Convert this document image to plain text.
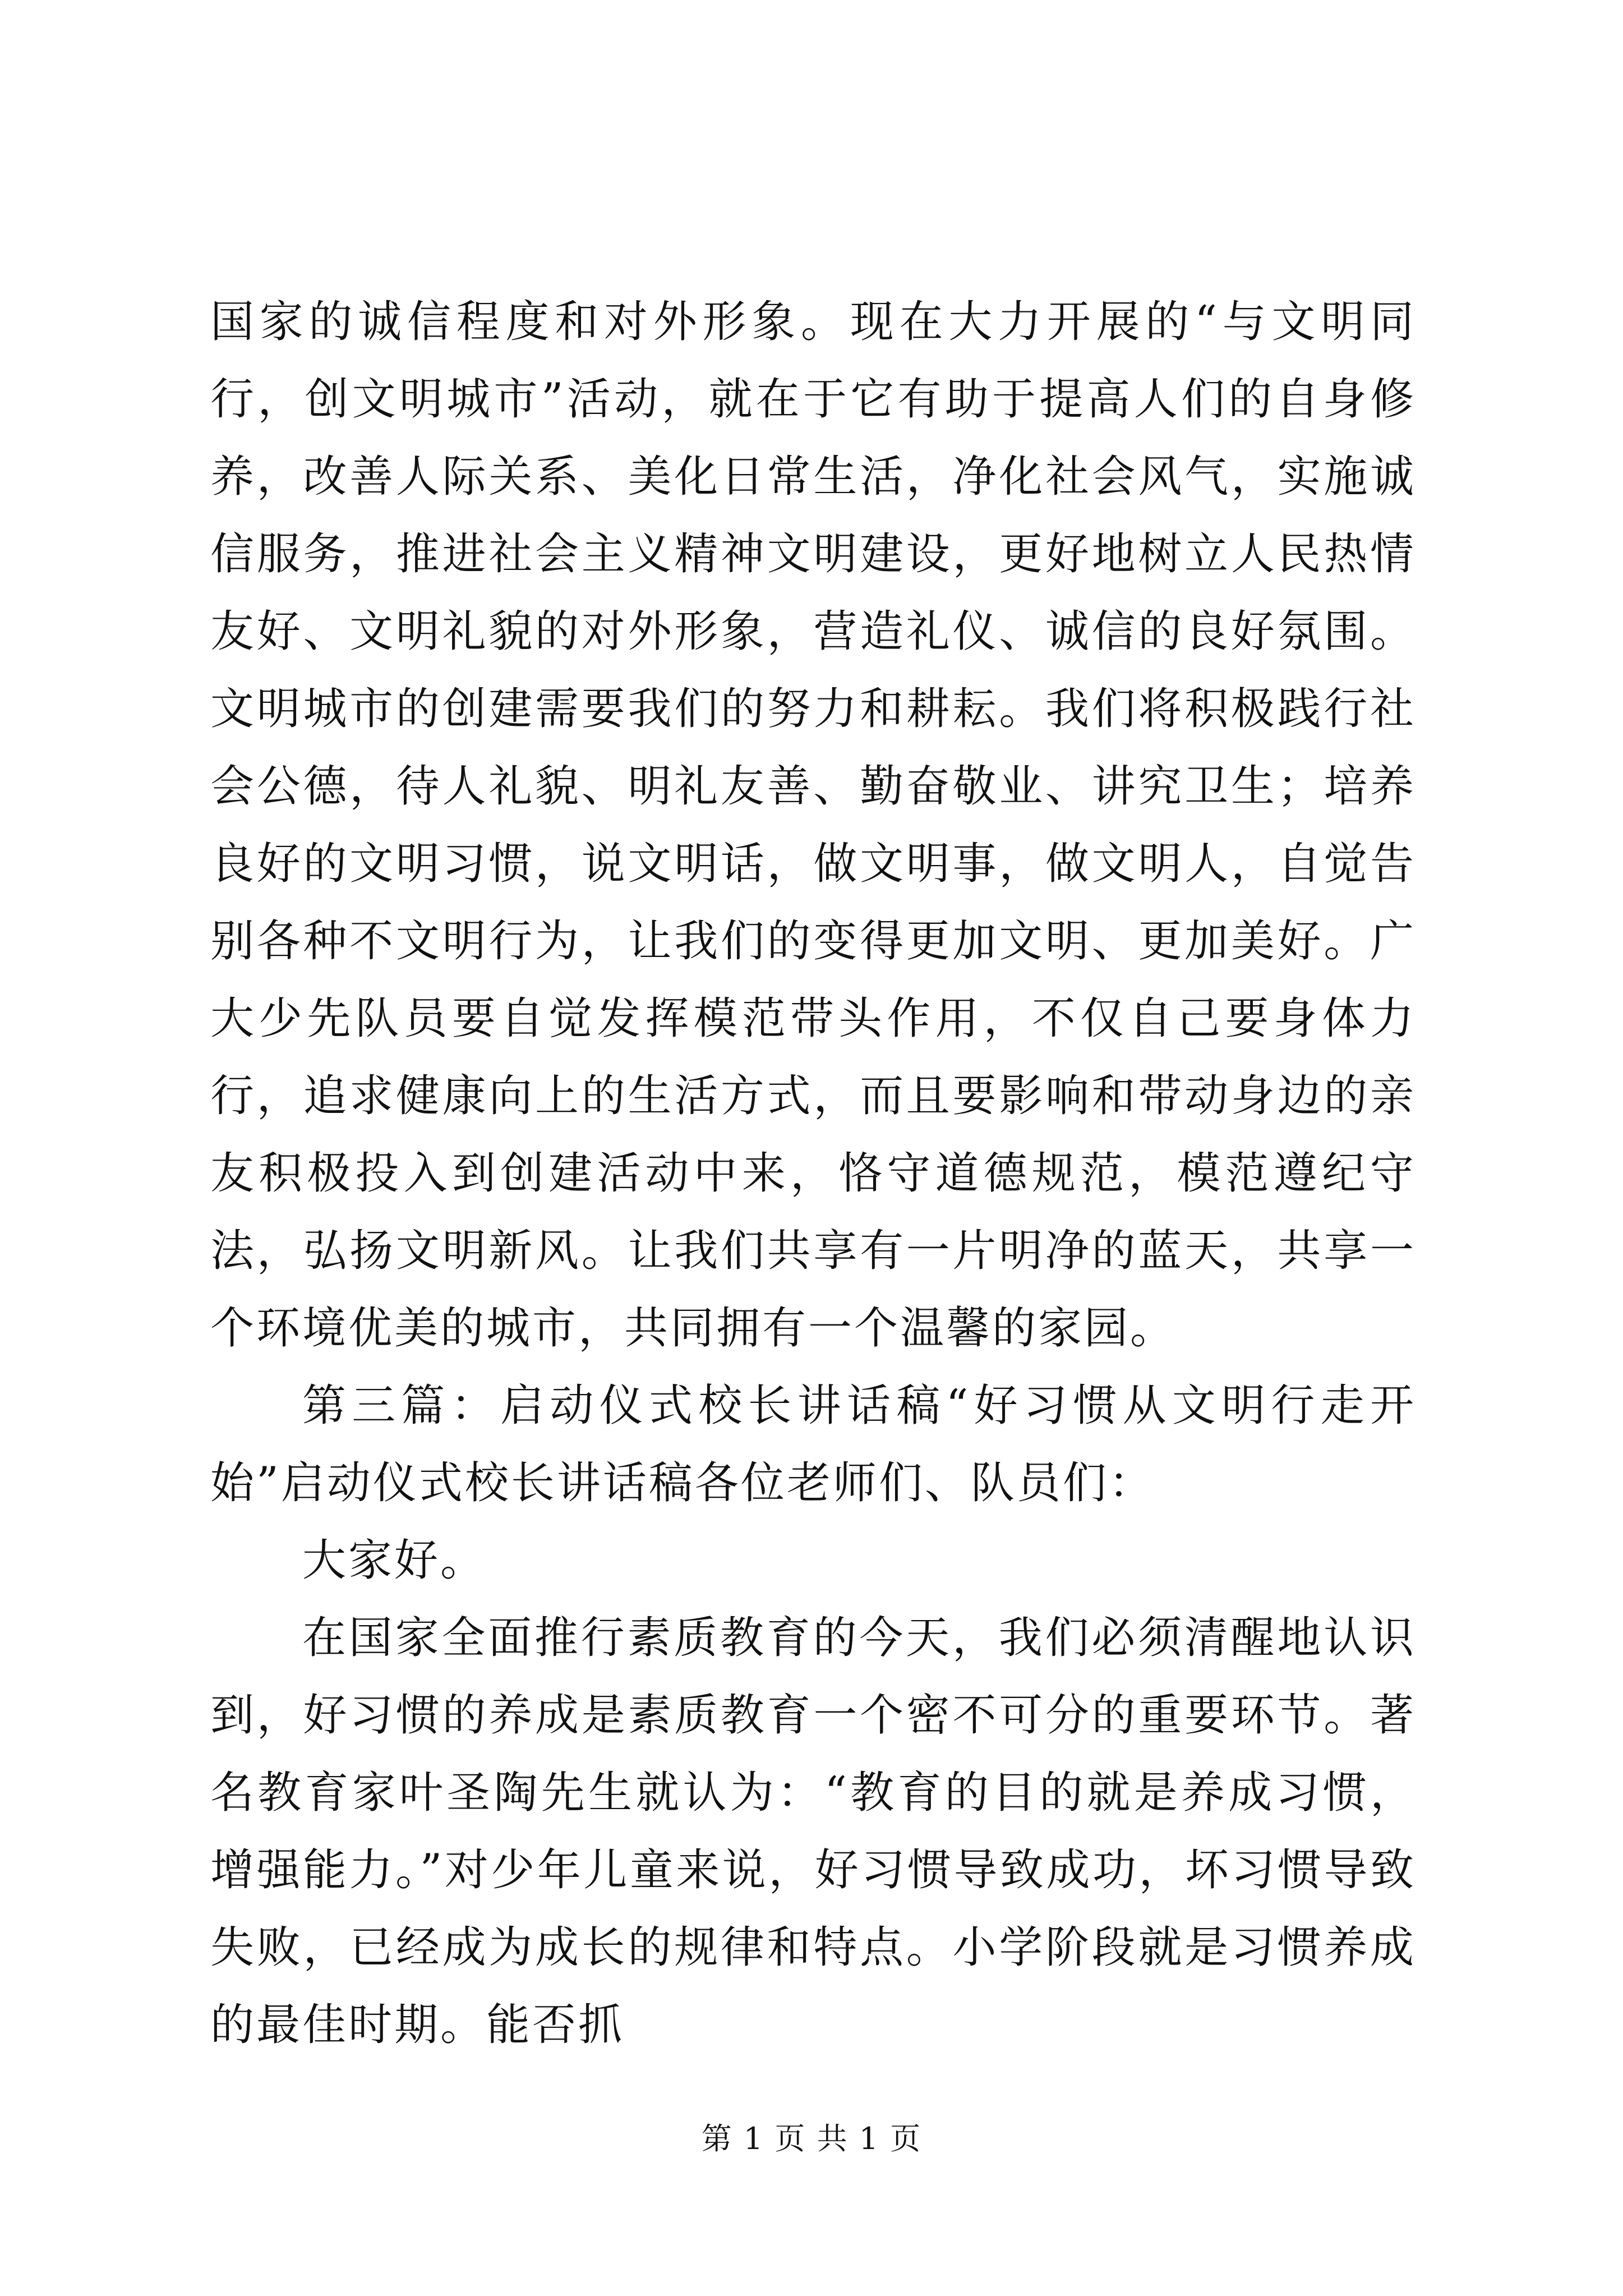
国家的诚信程度和对外形象。现在大力开展的“与文明同行，创文明城市”活动，就在于它有助于提高人们的自身修养，改善人际关系、美化日常生活，净化社会风气，实施诚信服务，推进社会主义精神文明建设，更好地树立人民热情友好、文明礼貌的对外形象，营造礼仪、诚信的良好氛围。文明城市的创建需要我们的努力和耕耘。我们将积极践行社会公德，待人礼貌、明礼友善、勤奋敬业、讲究卫生；培养良好的文明习惯，说文明话，做文明事，做文明人，自觉告别各种不文明行为，让我们的变得更加文明、更加美好。广大少先队员要自觉发挥模范带头作用，不仅自己要身体力行，追求健康向上的生活方式，而且要影响和带动身边的亲友积极投入到创建活动中来，恪守道德规范，模范遵纪守法，弘扬文明新风。让我们共享有一片明净的蓝天，共享一个环境优美的城市，共同拥有一个温馨的家园。

第三篇：启动仪式校长讲话稿“好习惯从文明行走开始”启动仪式校长讲话稿各位老师们、队员们：

大家好。

在国家全面推行素质教育的今天，我们必须清醒地认识到，好习惯的养成是素质教育一个密不可分的重要环节。著名教育家叶圣陶先生就认为：“教育的目的就是养成习惯，增强能力。”对少年儿童来说，好习惯导致成功，坏习惯导致失败，已经成为成长的规律和特点。小学阶段就是习惯养成的最佳时期。能否抓

第 1 页 共 1 页
